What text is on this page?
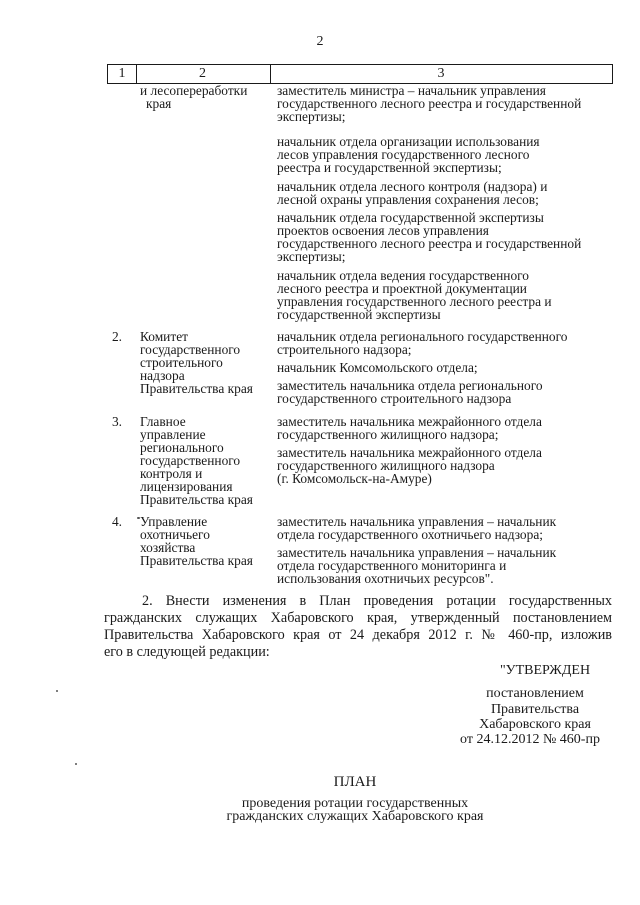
2
1	2	3

и лесопереработки

края

заместитель министра – начальник управления

государственного лесного реестра и государственной

экспертизы;

начальник отдела организации использования

лесов управления государственного лесного

реестра и государственной экспертизы;

начальник отдела лесного контроля (надзора) и

лесной охраны управления сохранения лесов;

начальник отдела государственной экспертизы

проектов освоения лесов управления

государственного лесного реестра и государственной

экспертизы;

начальник отдела ведения государственного

лесного реестра и проектной документации

управления государственного лесного реестра и

государственной экспертизы

2. Комитет

государственного

строительного

надзора

Правительства края

начальник отдела регионального государственного

строительного надзора;

начальник Комсомольского отдела;

заместитель начальника отдела регионального

государственного строительного надзора

3. Главное

управление

регионального

государственного

контроля и

лицензирования

Правительства края

заместитель начальника межрайонного отдела

государственного жилищного надзора;

заместитель начальника межрайонного отдела

государственного жилищного надзора

(г. Комсомольск-на-Амуре)

4. Управление

охотничьего

хозяйства

Правительства края

заместитель начальника управления – начальник

отдела государственного охотничьего надзора;

заместитель начальника управления – начальник

отдела государственного мониторинга и

использования охотничьих ресурсов".

2. Внести изменения в План проведения ротации государственных
гражданских служащих Хабаровского края, утвержденный постановлением
Правительства Хабаровского края от 24 декабря 2012 г. № 460-пр, изложив
его в следующей редакции:
"УТВЕРЖДЕН
постановлением
Правительства
Хабаровского края
от 24.12.2012 № 460-пр
ПЛАН
проведения ротации государственных
гражданских служащих Хабаровского края
